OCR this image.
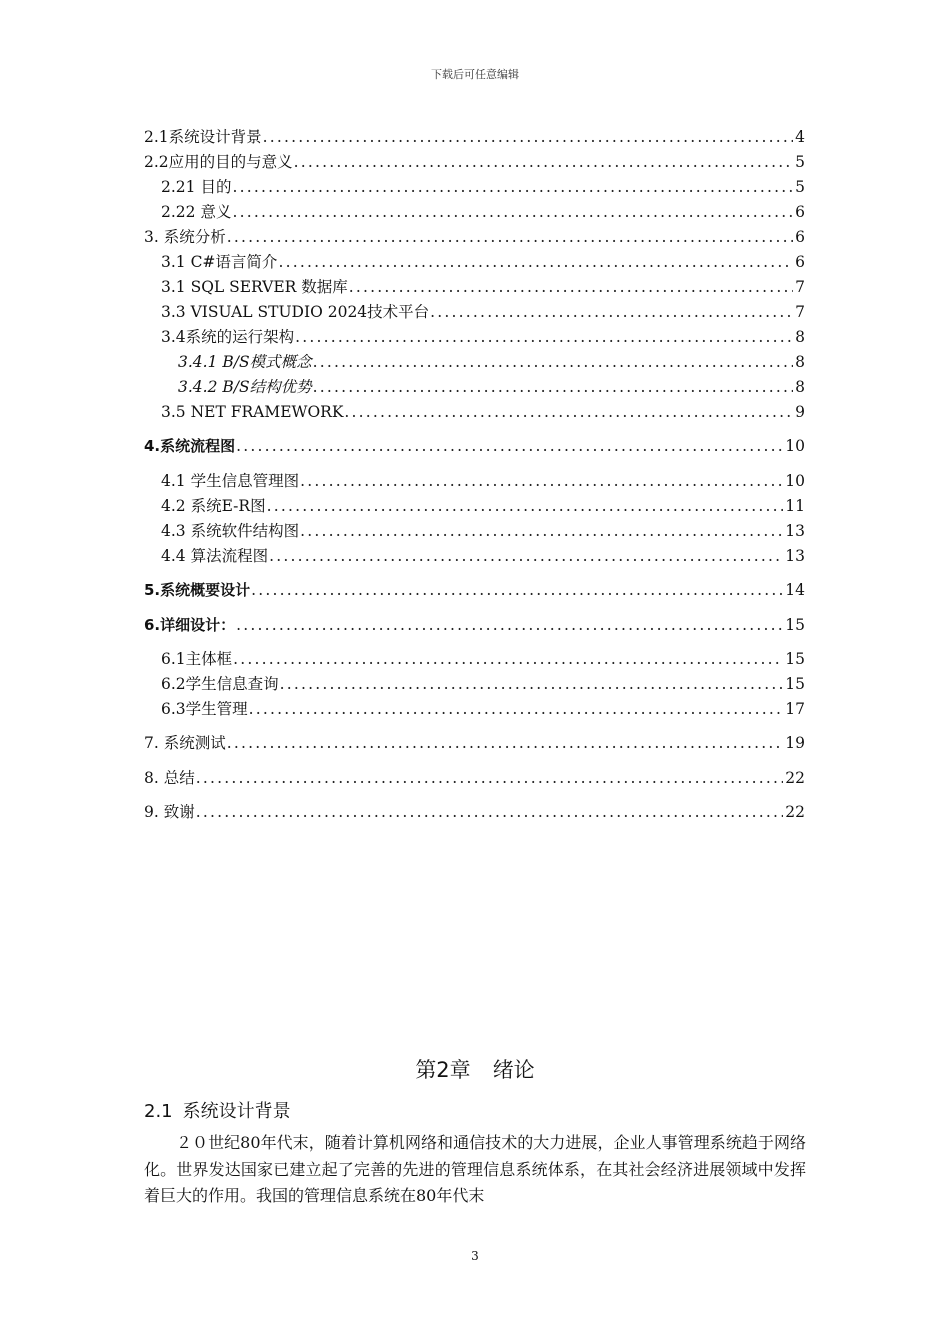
下载后可任意编辑
2.1系统设计背景 .....	4
2.2应用的目的与意义 .....	5
2.21 目的 .....	5
2.22 意义 .....	6
3. 系统分析 .....	6
3.1 C#语言简介 .....	6
3.1 SQL SERVER 数据库 .....	7
3.3 VISUAL STUDIO 2024技术平台 .....	7
3.4系统的运行架构 .....	8
3.4.1 B/S模式概念 .....	8
3.4.2 B/S结构优势 .....	8
3.5 NET FRAMEWORK .....	9
4.系统流程图 .....	10
4.1 学生信息管理图 .....	10
4.2 系统E-R图 .....	11
4.3 系统软件结构图 .....	13
4.4 算法流程图 .....	13
5.系统概要设计 .....	14
6.详细设计： .....	15
6.1主体框 .....	15
6.2学生信息查询 .....	15
6.3学生管理 .....	17
7. 系统测试 .....	19
8. 总结 .....	22
9. 致谢 .....	22
第2章 绪论
2.1 系统设计背景
２０世纪80年代末，随着计算机网络和通信技术的大力进展，企业人事管理系统趋于网络化。世界发达国家已建立起了完善的先进的管理信息系统体系，在其社会经济进展领域中发挥着巨大的作用。我国的管理信息系统在80年代末
3
